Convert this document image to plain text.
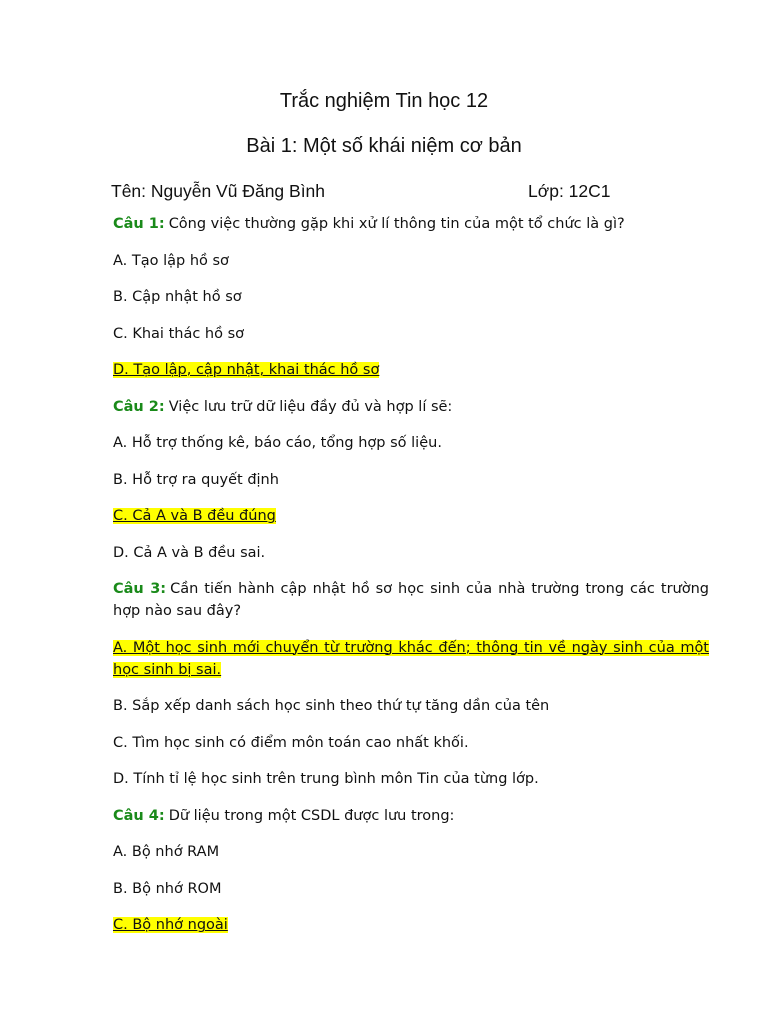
Trắc nghiệm Tin học 12
Bài 1: Một số khái niệm cơ bản
Tên: Nguyễn Vũ Đăng Bình	Lớp: 12C1

Câu 1: Công việc thường gặp khi xử lí thông tin của một tổ chức là gì?

A. Tạo lập hồ sơ

B. Cập nhật hồ sơ

C. Khai thác hồ sơ

D. Tạo lập, cập nhật, khai thác hồ sơ

Câu 2: Việc lưu trữ dữ liệu đầy đủ và hợp lí sẽ:

A. Hỗ trợ thống kê, báo cáo, tổng hợp số liệu.

B. Hỗ trợ ra quyết định

C. Cả A và B đều đúng

D. Cả A và B đều sai.

Câu 3: Cần tiến hành cập nhật hồ sơ học sinh của nhà trường trong các trường hợp nào sau đây?

A. Một học sinh mới chuyển từ trường khác đến; thông tin về ngày sinh của một học sinh bị sai.

B. Sắp xếp danh sách học sinh theo thứ tự tăng dần của tên

C. Tìm học sinh có điểm môn toán cao nhất khối.

D. Tính tỉ lệ học sinh trên trung bình môn Tin của từng lớp.

Câu 4: Dữ liệu trong một CSDL được lưu trong:

A. Bộ nhớ RAM

B. Bộ nhớ ROM

C. Bộ nhớ ngoài
